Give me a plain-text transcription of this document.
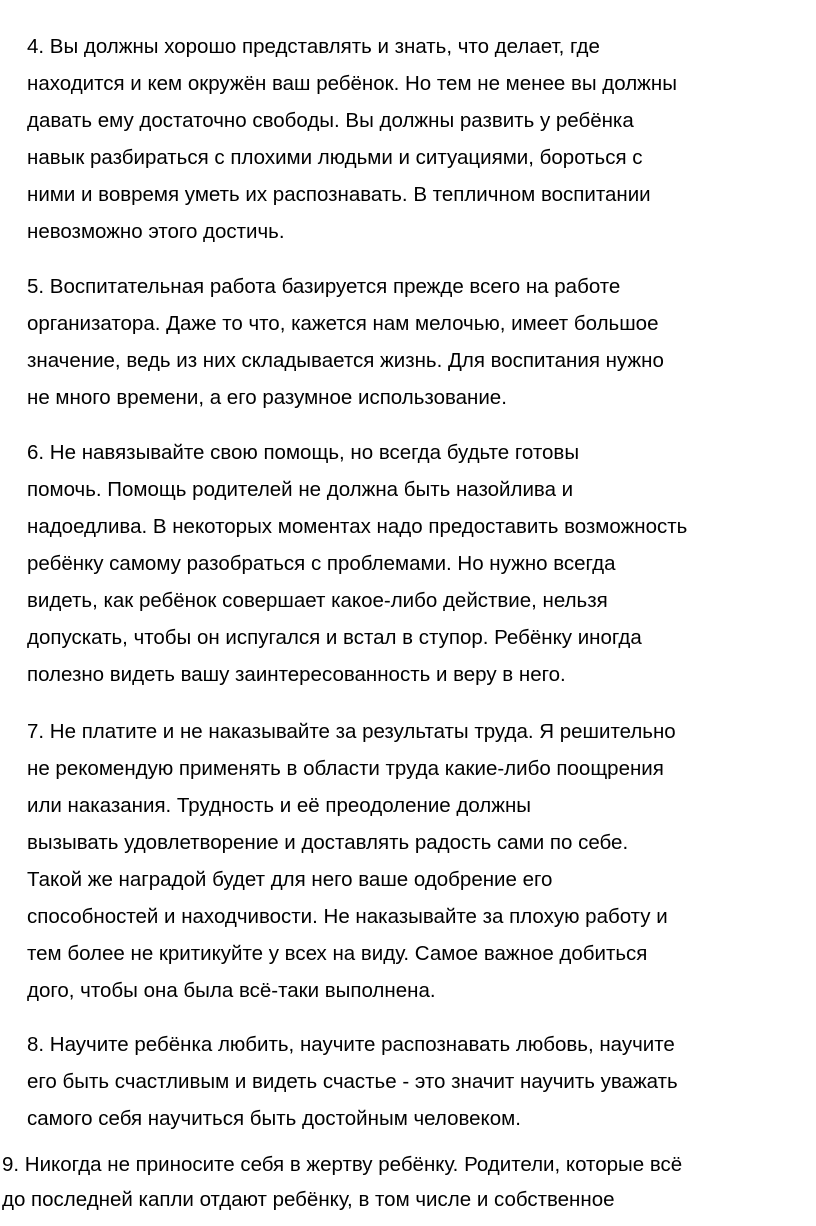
4. Вы должны хорошо представлять и знать, что делает, где
находится и кем окружён ваш ребёнок. Но тем не менее вы должны
давать ему достаточно свободы. Вы должны развить у ребёнка
навык разбираться с плохими людьми и ситуациями, бороться с
ними и вовремя уметь их распознавать. В тепличном воспитании
невозможно этого достичь.

5. Воспитательная работа базируется прежде всего на работе
организатора. Даже то что, кажется нам мелочью, имеет большое
значение, ведь из них складывается жизнь. Для воспитания нужно
не много времени, а его разумное использование.

6. Не навязывайте свою помощь, но всегда будьте готовы
помочь. Помощь родителей не должна быть назойлива и
надоедлива. В некоторых моментах надо предоставить возможность
ребёнку самому разобраться с проблемами. Но нужно всегда
видеть, как ребёнок совершает какое-либо действие, нельзя
допускать, чтобы он испугался и встал в ступор. Ребёнку иногда
полезно видеть вашу заинтересованность и веру в него.

7. Не платите и не наказывайте за результаты труда. Я решительно
не рекомендую применять в области труда какие-либо поощрения
или наказания. Трудность и её преодоление должны
вызывать удовлетворение и доставлять радость сами по себе.
Такой же наградой будет для него ваше одобрение его
способностей и находчивости. Не наказывайте за плохую работу и
тем более не критикуйте у всех на виду. Самое важное добиться
дого, чтобы она была всё-таки выполнена.

8. Научите ребёнка любить, научите распознавать любовь, научите
его быть счастливым и видеть счастье - это значит научить уважать
самого себя научиться быть достойным человеком.

9. Никогда не приносите себя в жертву ребёнку. Родители, которые всё
до последней капли отдают ребёнку, в том числе и собственное
